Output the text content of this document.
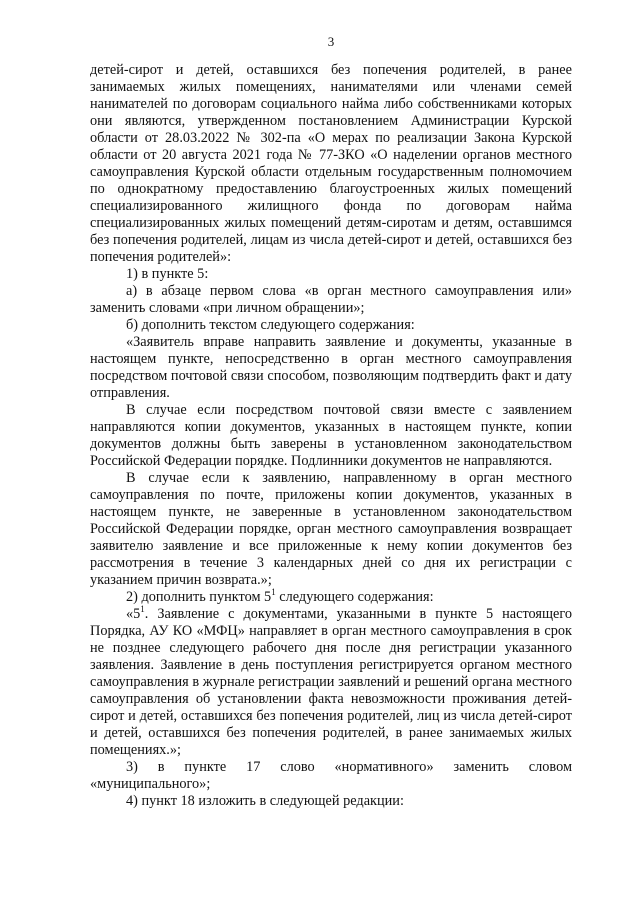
3

детей-сирот и детей, оставшихся без попечения родителей, в ранее занимаемых жилых помещениях, нанимателями или членами семей нанимателей по договорам социального найма либо собственниками которых они являются, утвержденном постановлением Администрации Курской области от 28.03.2022 № 302-па «О мерах по реализации Закона Курской области от 20 августа 2021 года № 77-ЗКО «О наделении органов местного самоуправления Курской области отдельным государственным полномочием по однократному предоставлению благоустроенных жилых помещений специализированного жилищного фонда по договорам найма специализированных жилых помещений детям-сиротам и детям, оставшимся без попечения родителей, лицам из числа детей-сирот и детей, оставшихся без попечения родителей»:

1) в пункте 5:

а) в абзаце первом слова «в орган местного самоуправления или» заменить словами «при личном обращении»;

б) дополнить текстом следующего содержания:

«Заявитель вправе направить заявление и документы, указанные в настоящем пункте, непосредственно в орган местного самоуправления посредством почтовой связи способом, позволяющим подтвердить факт и дату отправления.

В случае если посредством почтовой связи вместе с заявлением направляются копии документов, указанных в настоящем пункте, копии документов должны быть заверены в установленном законодательством Российской Федерации порядке. Подлинники документов не направляются.

В случае если к заявлению, направленному в орган местного самоуправления по почте, приложены копии документов, указанных в настоящем пункте, не заверенные в установленном законодательством Российской Федерации порядке, орган местного самоуправления возвращает заявителю заявление и все приложенные к нему копии документов без рассмотрения в течение 3 календарных дней со дня их регистрации с указанием причин возврата.»;

2) дополнить пунктом $5^1$ следующего содержания:

«$5^1$. Заявление с документами, указанными в пункте 5 настоящего Порядка, АУ КО «МФЦ» направляет в орган местного самоуправления в срок не позднее следующего рабочего дня после дня регистрации указанного заявления. Заявление в день поступления регистрируется органом местного самоуправления в журнале регистрации заявлений и решений органа местного самоуправления об установлении факта невозможности проживания детей-сирот и детей, оставшихся без попечения родителей, лиц из числа детей-сирот и детей, оставшихся без попечения родителей, в ранее занимаемых жилых помещениях.»;

3) в пункте 17 слово «нормативного» заменить словом «муниципального»;

4) пункт 18 изложить в следующей редакции:
